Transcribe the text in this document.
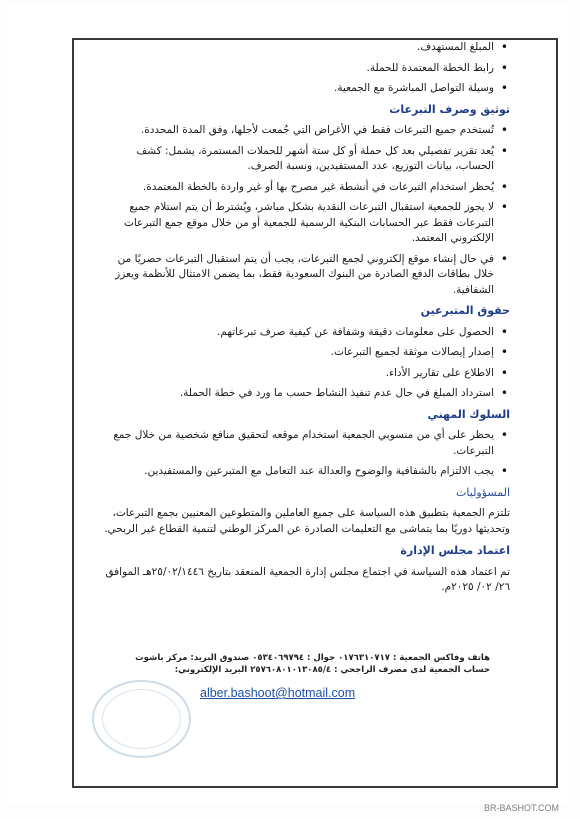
• المبلغ المستهدف.
• رابط الخطة المعتمدة للحملة.
• وسيلة التواصل المباشرة مع الجمعية.
توثيق وصرف التبرعات
• تُستخدم جميع التبرعات فقط في الأغراض التي جُمعت لأجلها، وفق المدة المحددة.
• يُعد تقرير تفصيلي بعد كل حملة أو كل ستة أشهر للحملات المستمرة، يشمل: كشف الحساب، بيانات التوزيع، عدد المستفيدين، ونسبة الصرف.
• يُحظر استخدام التبرعات في أنشطة غير مصرح بها أو غير واردة بالخطة المعتمدة.
• لا يجوز للجمعية استقبال التبرعات النقدية بشكل مباشر، ويُشترط أن يتم استلام جميع التبرعات فقط عبر الحسابات البنكية الرسمية للجمعية أو من خلال موقع جمع التبرعات الإلكتروني المعتمد.
• في حال إنشاء موقع إلكتروني لجمع التبرعات، يجب أن يتم استقبال التبرعات حصريًا من خلال بطاقات الدفع الصادرة من البنوك السعودية فقط، بما يضمن الامتثال للأنظمة ويعزز الشفافية.
حقوق المتبرعين
• الحصول على معلومات دقيقة وشفافة عن كيفية صرف تبرعاتهم.
• إصدار إيصالات موثقة لجميع التبرعات.
• الاطلاع على تقارير الأداء.
• استرداد المبلغ في حال عدم تنفيذ النشاط حسب ما ورد في خطة الحملة.
السلوك المهني
• يحظر على أي من منسوبي الجمعية استخدام موقعه لتحقيق منافع شخصية من خلال جمع التبرعات.
• يجب الالتزام بالشفافية والوضوح والعدالة عند التعامل مع المتبرعين والمستفيدين.
المسؤوليات

تلتزم الجمعية بتطبيق هذه السياسة على جميع العاملين والمتطوعين المعنيين بجمع التبرعات، وتحديثها دوريًا بما يتماشى مع التعليمات الصادرة عن المركز الوطني لتنمية القطاع غير الربحي.

اعتماد مجلس الإدارة

تم اعتماد هذه السياسة في اجتماع مجلس إدارة الجمعية المنعقد بتاريخ ٢٥/٠٢/١٤٤٦هـ الموافق ٢٦/ ٠٢/ ٢٠٢٥م.

هاتف وفاكس الجمعية : ٠١٧٦٣١٠٧١٧ جوال : ٠٥٣٤٠٦٩٧٩٤ صندوق البريد: مركز باشوت
حساب الجمعية لدى مصرف الراجحي : ٢٥٧٦٠٨٠١٠١٣٠٨٥/٤ البريد الإلكتروني:
alber.bashoot@hotmail.com
BR-BASHOT.COM
